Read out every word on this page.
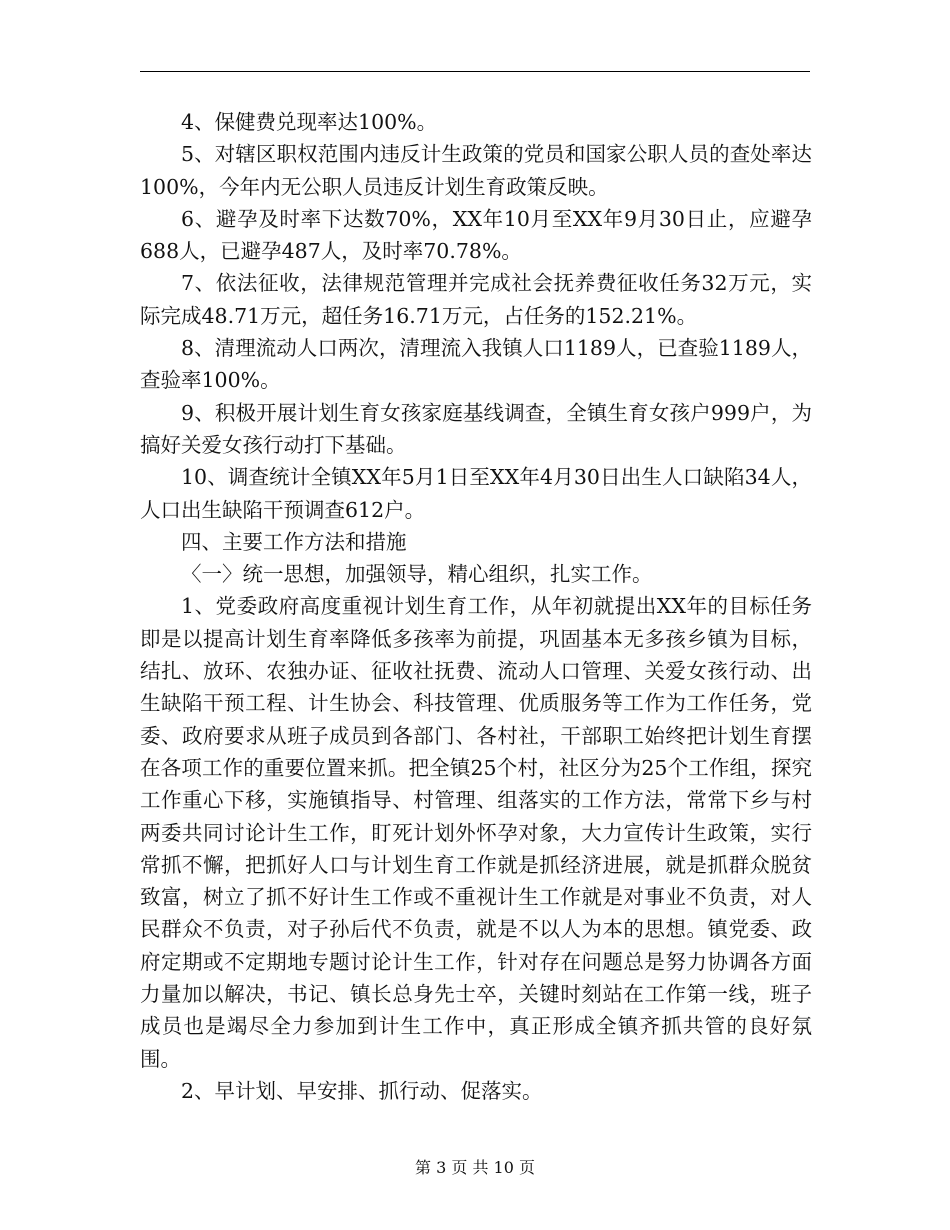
4、保健费兑现率达100%。

5、对辖区职权范围内违反计生政策的党员和国家公职人员的查处率达100%，今年内无公职人员违反计划生育政策反映。

6、避孕及时率下达数70%，XX年10月至XX年9月30日止，应避孕688人，已避孕487人，及时率70.78%。

7、依法征收，法律规范管理并完成社会抚养费征收任务32万元，实际完成48.71万元，超任务16.71万元，占任务的152.21%。

8、清理流动人口两次，清理流入我镇人口1189人，已查验1189人，查验率100%。

9、积极开展计划生育女孩家庭基线调查，全镇生育女孩户999户，为搞好关爱女孩行动打下基础。

10、调查统计全镇XX年5月1日至XX年4月30日出生人口缺陷34人，人口出生缺陷干预调查612户。

四、主要工作方法和措施

〈一〉统一思想，加强领导，精心组织，扎实工作。

1、党委政府高度重视计划生育工作，从年初就提出XX年的目标任务即是以提高计划生育率降低多孩率为前提，巩固基本无多孩乡镇为目标，结扎、放环、农独办证、征收社抚费、流动人口管理、关爱女孩行动、出生缺陷干预工程、计生协会、科技管理、优质服务等工作为工作任务，党委、政府要求从班子成员到各部门、各村社，干部职工始终把计划生育摆在各项工作的重要位置来抓。把全镇25个村，社区分为25个工作组，探究工作重心下移，实施镇指导、村管理、组落实的工作方法，常常下乡与村两委共同讨论计生工作，盯死计划外怀孕对象，大力宣传计生政策，实行常抓不懈，把抓好人口与计划生育工作就是抓经济进展，就是抓群众脱贫致富，树立了抓不好计生工作或不重视计生工作就是对事业不负责，对人民群众不负责，对子孙后代不负责，就是不以人为本的思想。镇党委、政府定期或不定期地专题讨论计生工作，针对存在问题总是努力协调各方面力量加以解决，书记、镇长总身先士卒，关键时刻站在工作第一线，班子成员也是竭尽全力参加到计生工作中，真正形成全镇齐抓共管的良好氛围。

2、早计划、早安排、抓行动、促落实。

第 3 页 共 10 页
